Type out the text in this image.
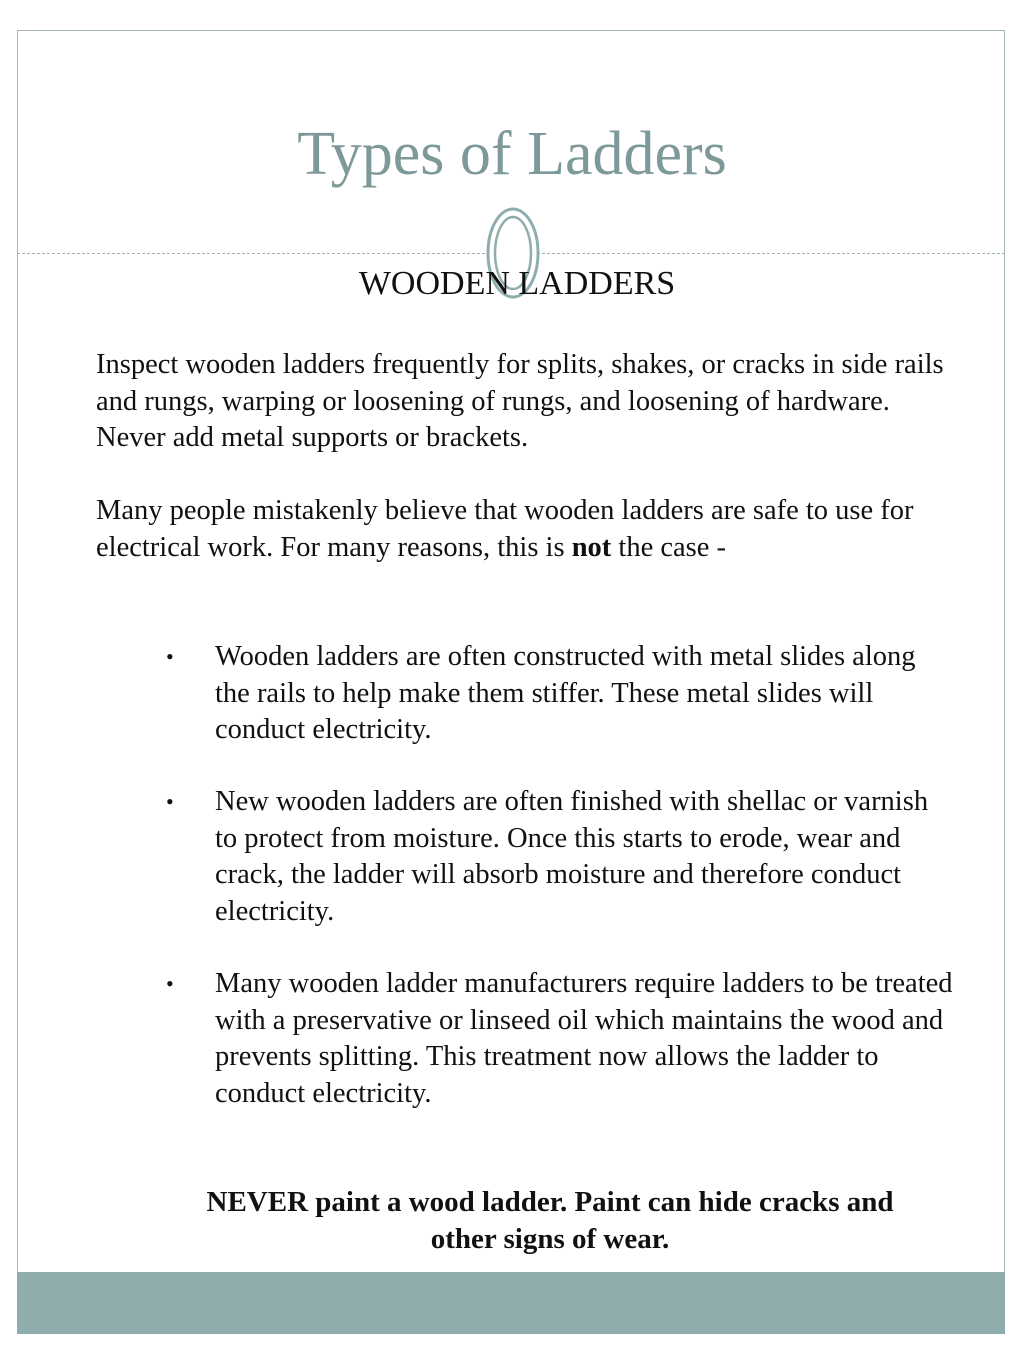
Types of Ladders
WOODEN LADDERS

Inspect wooden ladders frequently for splits, shakes, or cracks in side rails and rungs, warping or loosening of rungs, and loosening of hardware. Never add metal supports or brackets.

Many people mistakenly believe that wooden ladders are safe to use for electrical work. For many reasons, this is not the case -

• Wooden ladders are often constructed with metal slides along the rails to help make them stiffer. These metal slides will conduct electricity.

• New wooden ladders are often finished with shellac or varnish to protect from moisture. Once this starts to erode, wear and crack, the ladder will absorb moisture and therefore conduct electricity.

• Many wooden ladder manufacturers require ladders to be treated with a preservative or linseed oil which maintains the wood and prevents splitting. This treatment now allows the ladder to conduct electricity.

NEVER paint a wood ladder. Paint can hide cracks and other signs of wear.
